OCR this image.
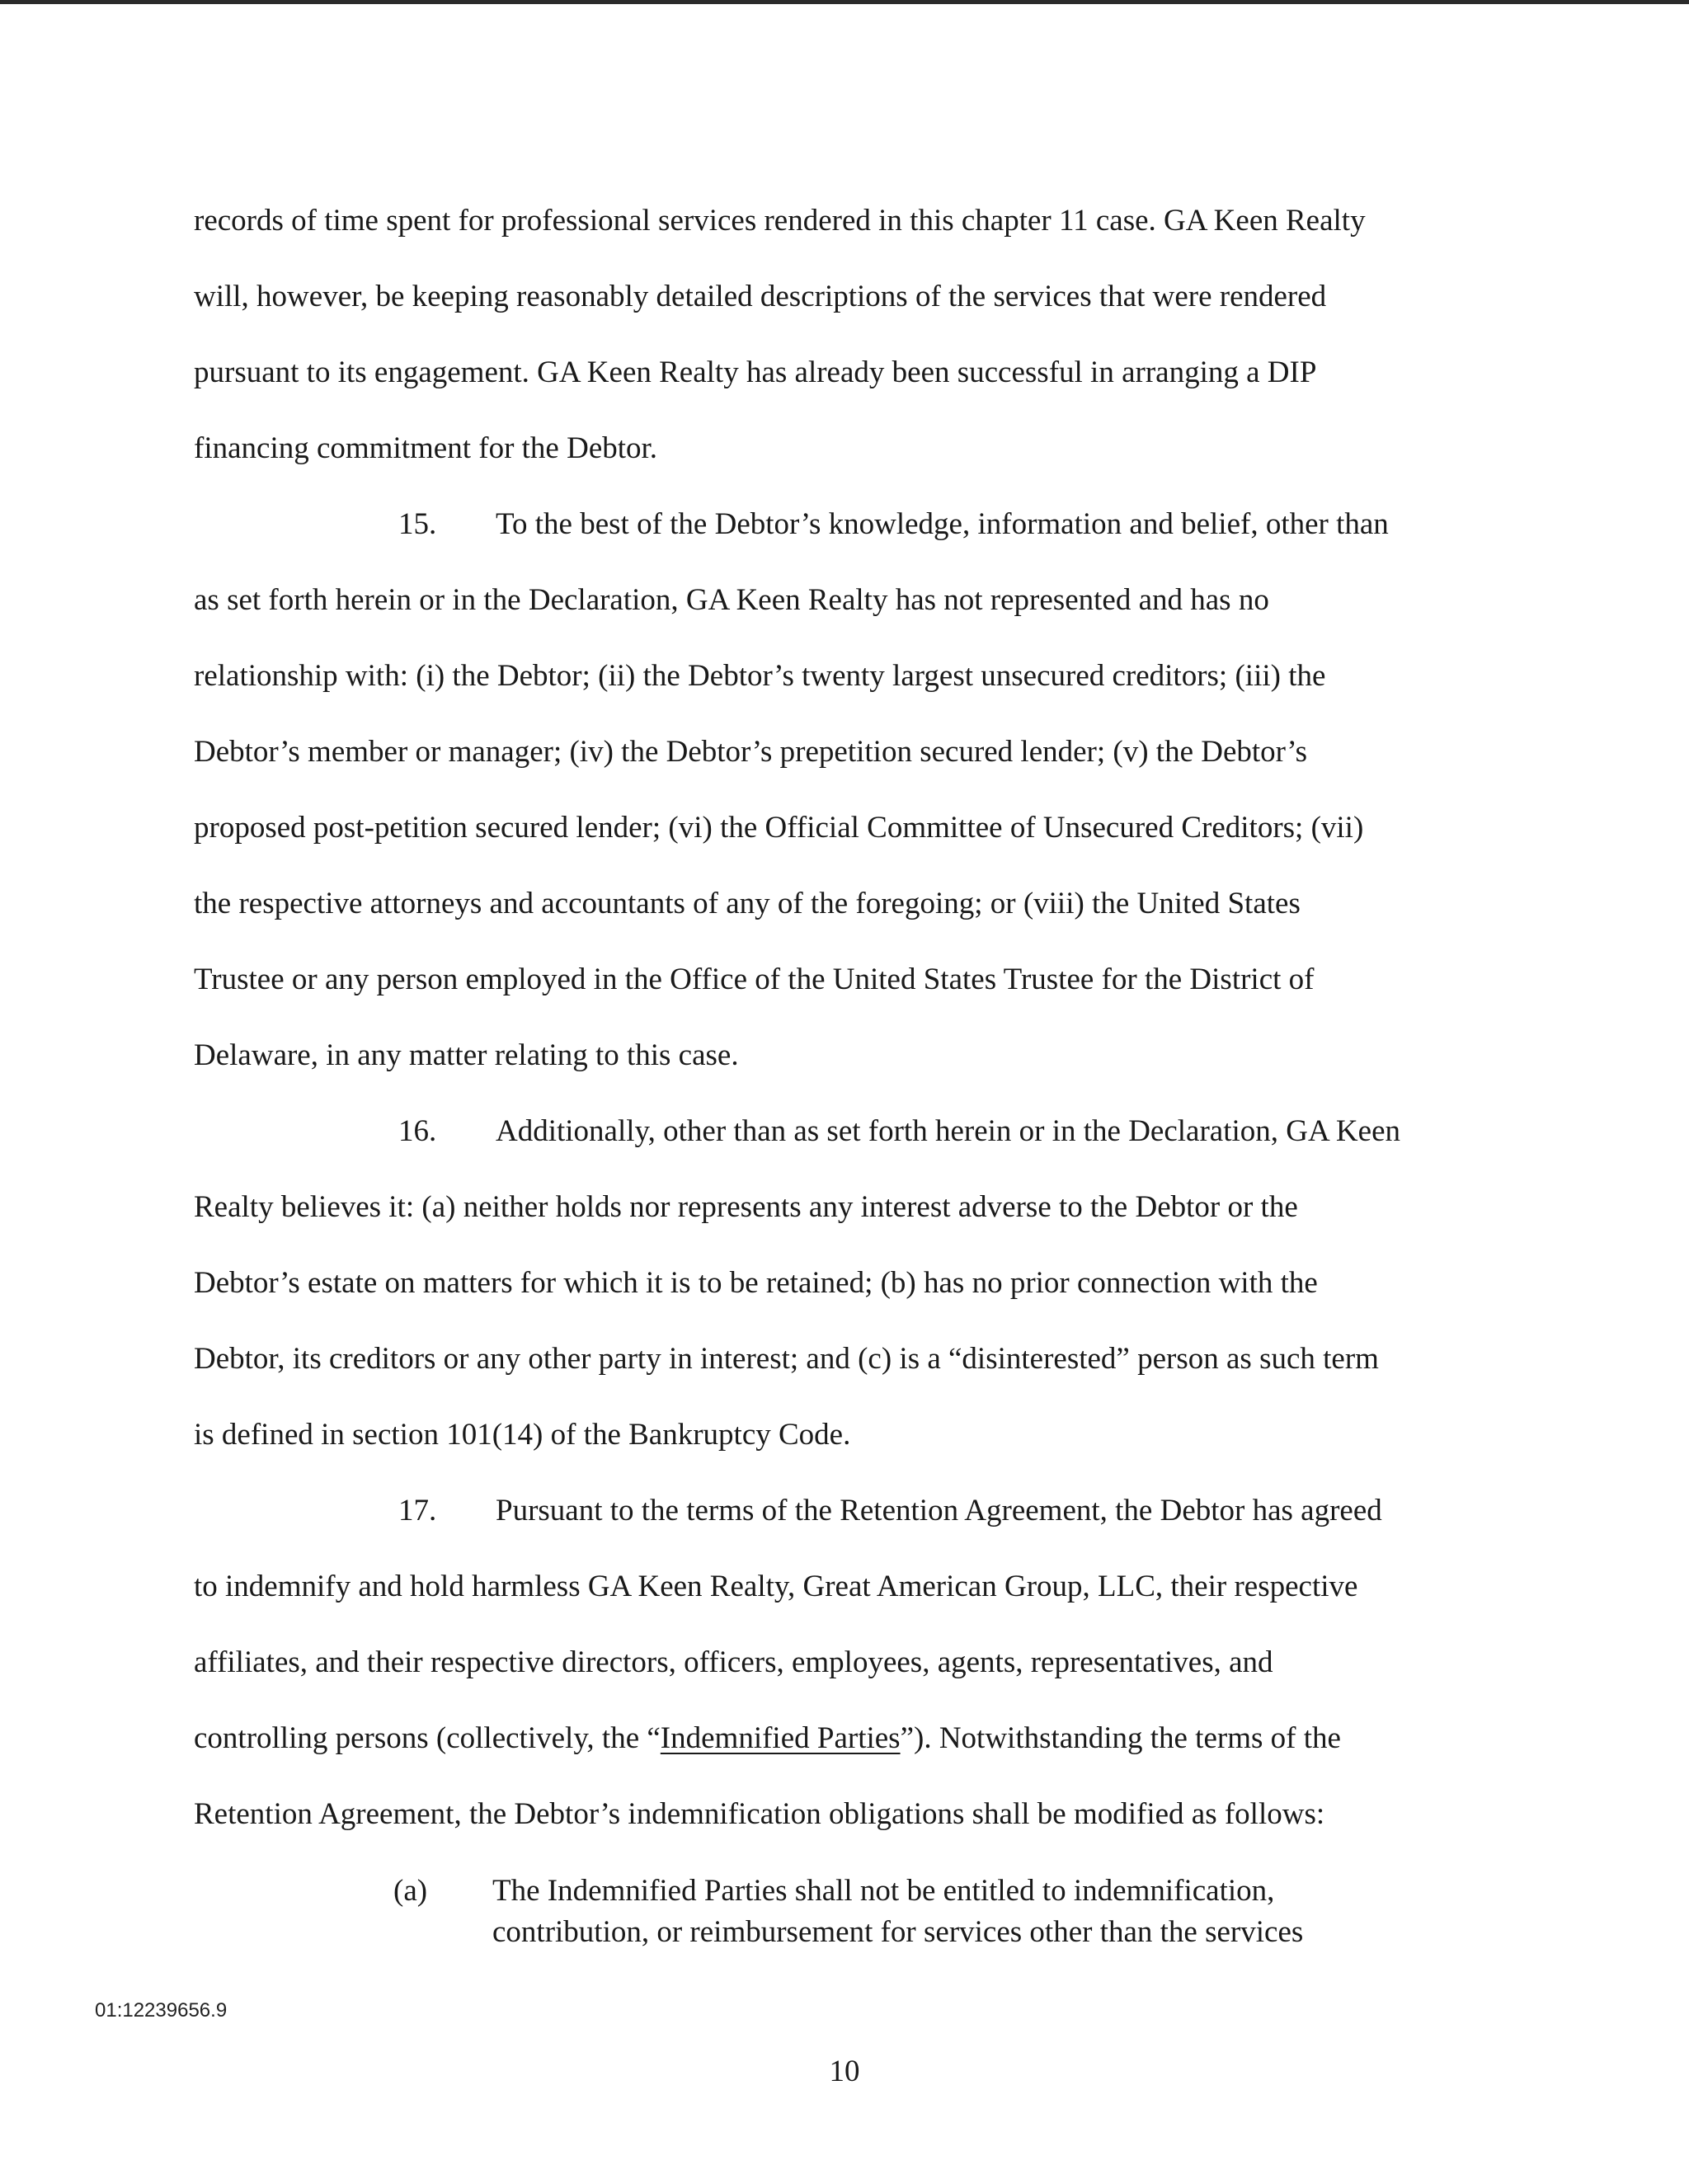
records of time spent for professional services rendered in this chapter 11 case. GA Keen Realty
will, however, be keeping reasonably detailed descriptions of the services that were rendered
pursuant to its engagement. GA Keen Realty has already been successful in arranging a DIP
financing commitment for the Debtor.
15. To the best of the Debtor’s knowledge, information and belief, other than
as set forth herein or in the Declaration, GA Keen Realty has not represented and has no
relationship with: (i) the Debtor; (ii) the Debtor’s twenty largest unsecured creditors; (iii) the
Debtor’s member or manager; (iv) the Debtor’s prepetition secured lender; (v) the Debtor’s
proposed post-petition secured lender; (vi) the Official Committee of Unsecured Creditors; (vii)
the respective attorneys and accountants of any of the foregoing; or (viii) the United States
Trustee or any person employed in the Office of the United States Trustee for the District of
Delaware, in any matter relating to this case.
16. Additionally, other than as set forth herein or in the Declaration, GA Keen
Realty believes it: (a) neither holds nor represents any interest adverse to the Debtor or the
Debtor’s estate on matters for which it is to be retained; (b) has no prior connection with the
Debtor, its creditors or any other party in interest; and (c) is a “disinterested” person as such term
is defined in section 101(14) of the Bankruptcy Code.
17. Pursuant to the terms of the Retention Agreement, the Debtor has agreed
to indemnify and hold harmless GA Keen Realty, Great American Group, LLC, their respective
affiliates, and their respective directors, officers, employees, agents, representatives, and
controlling persons (collectively, the “Indemnified Parties”). Notwithstanding the terms of the
Retention Agreement, the Debtor’s indemnification obligations shall be modified as follows:
(a)	The Indemnified Parties shall not be entitled to indemnification,
contribution, or reimbursement for services other than the services
01:12239656.9
10
